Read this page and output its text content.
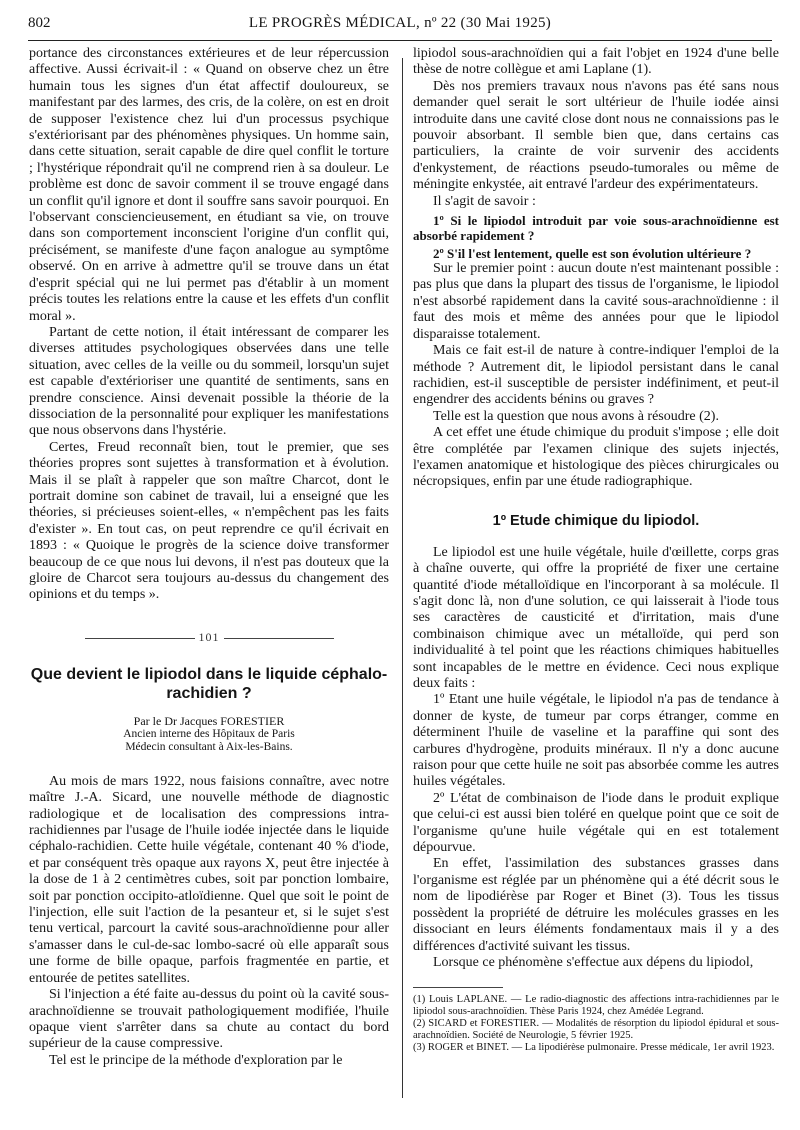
802	LE PROGRÈS MÉDICAL, nº 22 (30 Mai 1925)

portance des circonstances extérieures et de leur répercussion affective. Aussi écrivait-il : « Quand on observe chez un être humain tous les signes d'un état affectif douloureux, se manifestant par des larmes, des cris, de la colère, on est en droit de supposer l'existence chez lui d'un processus psychique s'extériorisant par des phénomènes physiques. Un homme sain, dans cette situation, serait capable de dire quel conflit le torture ; l'hystérique répondrait qu'il ne comprend rien à sa douleur. Le problème est donc de savoir comment il se trouve engagé dans un conflit qu'il ignore et dont il souffre sans savoir pourquoi. En l'observant consciencieusement, en étudiant sa vie, on trouve dans son comportement inconscient l'origine d'un conflit qui, précisément, se manifeste d'une façon analogue au symptôme observé. On en arrive à admettre qu'il se trouve dans un état d'esprit spécial qui ne lui permet pas d'établir à un moment précis toutes les relations entre la cause et les effets d'un conflit moral ».

Partant de cette notion, il était intéressant de comparer les diverses attitudes psychologiques observées dans une telle situation, avec celles de la veille ou du sommeil, lorsqu'un sujet est capable d'extérioriser une quantité de sentiments, sans en prendre conscience. Ainsi devenait possible la théorie de la dissociation de la personnalité pour expliquer les manifestations que nous observons dans l'hystérie.

Certes, Freud reconnaît bien, tout le premier, que ses théories propres sont sujettes à transformation et à évolution. Mais il se plaît à rappeler que son maître Charcot, dont le portrait domine son cabinet de travail, lui a enseigné que les théories, si précieuses soient-elles, « n'empêchent pas les faits d'exister ». En tout cas, on peut reprendre ce qu'il écrivait en 1893 : « Quoique le progrès de la science doive transformer beaucoup de ce que nous lui devons, il n'est pas douteux que la gloire de Charcot sera toujours au-dessus du changement des opinions et du temps ».

101
Que devient le lipiodol dans le liquide céphalo-rachidien ?
Par le Dr Jacques FORESTIER
Ancien interne des Hôpitaux de Paris
Médecin consultant à Aix-les-Bains.

Au mois de mars 1922, nous faisions connaître, avec notre maître J.-A. Sicard, une nouvelle méthode de diagnostic radiologique et de localisation des compressions intra-rachidiennes par l'usage de l'huile iodée injectée dans le liquide céphalo-rachidien. Cette huile végétale, contenant 40 % d'iode, et par conséquent très opaque aux rayons X, peut être injectée à la dose de 1 à 2 centimètres cubes, soit par ponction lombaire, soit par ponction occipito-atloïdienne. Quel que soit le point de l'injection, elle suit l'action de la pesanteur et, si le sujet s'est tenu vertical, parcourt la cavité sous-arachnoïdienne pour aller s'amasser dans le cul-de-sac lombo-sacré où elle apparaît sous une forme de bille opaque, parfois fragmentée en partie, et entourée de petites satellites.

Si l'injection a été faite au-dessus du point où la cavité sous-arachnoïdienne se trouvait pathologiquement modifiée, l'huile opaque vient s'arrêter dans sa chute au contact du bord supérieur de la cause compressive.

Tel est le principe de la méthode d'exploration par le

lipiodol sous-arachnoïdien qui a fait l'objet en 1924 d'une belle thèse de notre collègue et ami Laplane (1).

Dès nos premiers travaux nous n'avons pas été sans nous demander quel serait le sort ultérieur de l'huile iodée ainsi introduite dans une cavité close dont nous ne connaissions pas le pouvoir absorbant. Il semble bien que, dans certains cas particuliers, la crainte de voir survenir des accidents d'enkystement, de réactions pseudo-tumorales ou même de méningite enkystée, ait entravé l'ardeur des expérimentateurs.

Il s'agit de savoir :

1º Si le lipiodol introduit par voie sous-arachnoïdienne est absorbé rapidement ?

2º S'il l'est lentement, quelle est son évolution ultérieure ?

Sur le premier point : aucun doute n'est maintenant possible : pas plus que dans la plupart des tissus de l'organisme, le lipiodol n'est absorbé rapidement dans la cavité sous-arachnoïdienne : il faut des mois et même des années pour que le lipiodol disparaisse totalement.

Mais ce fait est-il de nature à contre-indiquer l'emploi de la méthode ? Autrement dit, le lipiodol persistant dans le canal rachidien, est-il susceptible de persister indéfiniment, et peut-il engendrer des accidents bénins ou graves ?

Telle est la question que nous avons à résoudre (2).

A cet effet une étude chimique du produit s'impose ; elle doit être complétée par l'examen clinique des sujets injectés, l'examen anatomique et histologique des pièces chirurgicales ou nécropsiques, enfin par une étude radiographique.

1º Etude chimique du lipiodol.

Le lipiodol est une huile végétale, huile d'œillette, corps gras à chaîne ouverte, qui offre la propriété de fixer une certaine quantité d'iode métalloïdique en l'incorporant à sa molécule. Il s'agit donc là, non d'une solution, ce qui laisserait à l'iode tous ses caractères de causticité et d'irritation, mais d'une combinaison chimique avec un métalloïde, qui perd son individualité à tel point que les réactions chimiques habituelles sont incapables de le mettre en évidence. Ceci nous explique deux faits :

1º Etant une huile végétale, le lipiodol n'a pas de tendance à donner de kyste, de tumeur par corps étranger, comme en déterminent l'huile de vaseline et la paraffine qui sont des carbures d'hydrogène, produits minéraux. Il n'y a donc aucune raison pour que cette huile ne soit pas absorbée comme les autres huiles végétales.

2º L'état de combinaison de l'iode dans le produit explique que celui-ci est aussi bien toléré en quelque point que ce soit de l'organisme qu'une huile végétale qui en est totalement dépourvue.

En effet, l'assimilation des substances grasses dans l'organisme est réglée par un phénomène qui a été décrit sous le nom de lipodiérèse par Roger et Binet (3). Tous les tissus possèdent la propriété de détruire les molécules grasses en les dissociant en leurs éléments fondamentaux mais il y a des différences d'activité suivant les tissus.

Lorsque ce phénomène s'effectue aux dépens du lipiodol,

(1) Louis LAPLANE. — Le radio-diagnostic des affections intra-rachidiennes par le lipiodol sous-arachnoïdien. Thèse Paris 1924, chez Amédée Legrand.

(2) SICARD et FORESTIER. — Modalités de résorption du lipiodol épidural et sous-arachnoïdien. Société de Neurologie, 5 février 1925.

(3) ROGER et BINET. — La lipodiérèse pulmonaire. Presse médicale, 1er avril 1923.
